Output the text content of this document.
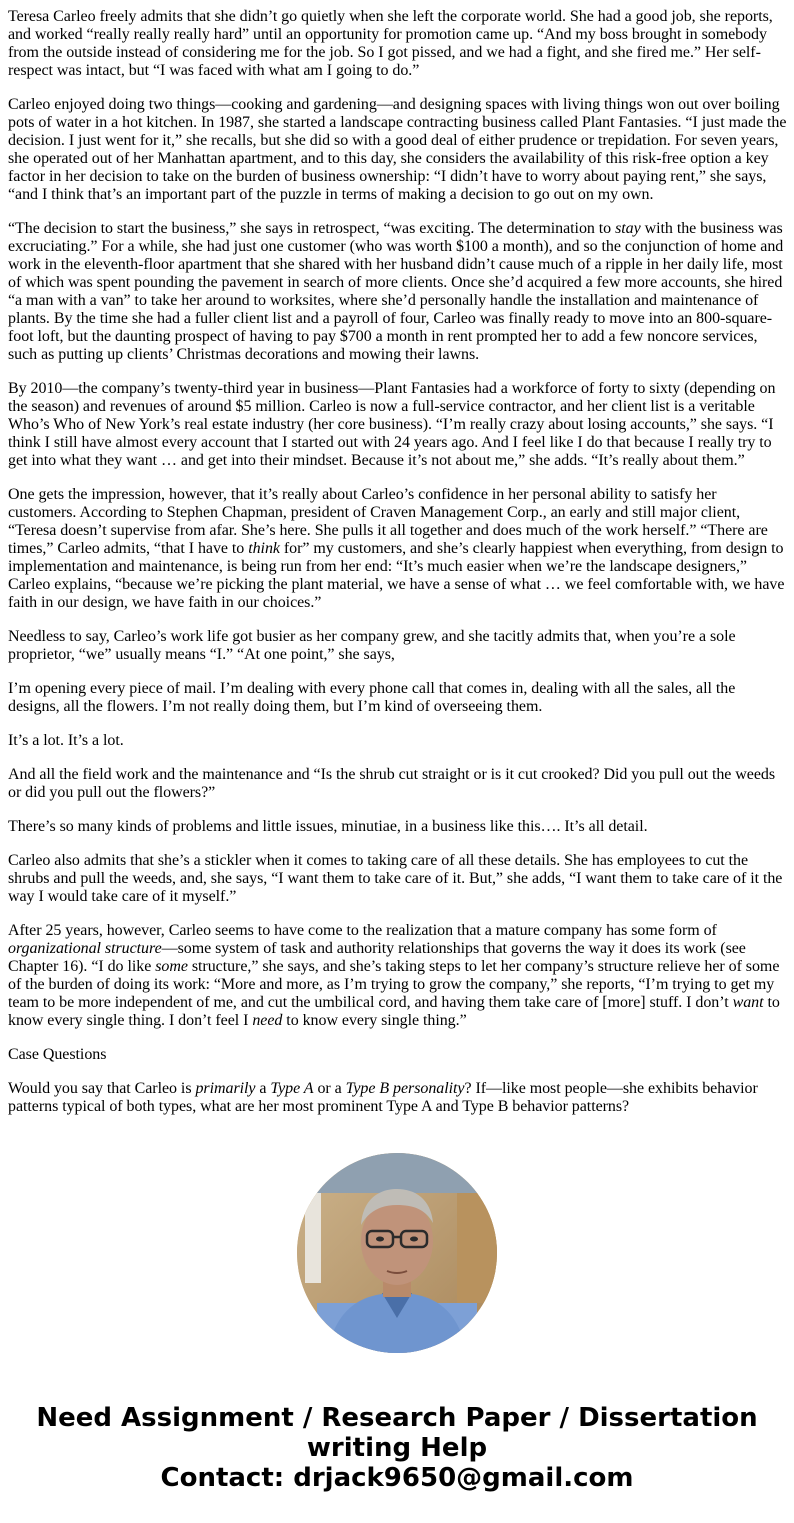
Teresa Carleo freely admits that she didn’t go quietly when she left the corporate world. She had a good job, she reports, and worked “really really really hard” until an opportunity for promotion came up. “And my boss brought in somebody from the outside instead of considering me for the job. So I got pissed, and we had a fight, and she fired me.” Her self-respect was intact, but “I was faced with what am I going to do.”

Carleo enjoyed doing two things—cooking and gardening—and designing spaces with living things won out over boiling pots of water in a hot kitchen. In 1987, she started a landscape contracting business called Plant Fantasies. “I just made the decision. I just went for it,” she recalls, but she did so with a good deal of either prudence or trepidation. For seven years, she operated out of her Manhattan apartment, and to this day, she considers the availability of this risk-free option a key factor in her decision to take on the burden of business ownership: “I didn’t have to worry about paying rent,” she says, “and I think that’s an important part of the puzzle in terms of making a decision to go out on my own.

“The decision to start the business,” she says in retrospect, “was exciting. The determination to stay with the business was excruciating.” For a while, she had just one customer (who was worth $100 a month), and so the conjunction of home and work in the eleventh-floor apartment that she shared with her husband didn’t cause much of a ripple in her daily life, most of which was spent pounding the pavement in search of more clients. Once she’d acquired a few more accounts, she hired “a man with a van” to take her around to worksites, where she’d personally handle the installation and maintenance of plants. By the time she had a fuller client list and a payroll of four, Carleo was finally ready to move into an 800-square-foot loft, but the daunting prospect of having to pay $700 a month in rent prompted her to add a few noncore services, such as putting up clients’ Christmas decorations and mowing their lawns.

By 2010—the company’s twenty-third year in business—Plant Fantasies had a workforce of forty to sixty (depending on the season) and revenues of around $5 million. Carleo is now a full-service contractor, and her client list is a veritable Who’s Who of New York’s real estate industry (her core business). “I’m really crazy about losing accounts,” she says. “I think I still have almost every account that I started out with 24 years ago. And I feel like I do that because I really try to get into what they want … and get into their mindset. Because it’s not about me,” she adds. “It’s really about them.”

One gets the impression, however, that it’s really about Carleo’s confidence in her personal ability to satisfy her customers. According to Stephen Chapman, president of Craven Management Corp., an early and still major client, “Teresa doesn’t supervise from afar. She’s here. She pulls it all together and does much of the work herself.” “There are times,” Carleo admits, “that I have to think for” my customers, and she’s clearly happiest when everything, from design to implementation and maintenance, is being run from her end: “It’s much easier when we’re the landscape designers,” Carleo explains, “because we’re picking the plant material, we have a sense of what … we feel comfortable with, we have faith in our design, we have faith in our choices.”

Needless to say, Carleo’s work life got busier as her company grew, and she tacitly admits that, when you’re a sole proprietor, “we” usually means “I.” “At one point,” she says,

I’m opening every piece of mail. I’m dealing with every phone call that comes in, dealing with all the sales, all the designs, all the flowers. I’m not really doing them, but I’m kind of overseeing them.

It’s a lot. It’s a lot.

And all the field work and the maintenance and “Is the shrub cut straight or is it cut crooked? Did you pull out the weeds or did you pull out the flowers?”

There’s so many kinds of problems and little issues, minutiae, in a business like this…. It’s all detail.

Carleo also admits that she’s a stickler when it comes to taking care of all these details. She has employees to cut the shrubs and pull the weeds, and, she says, “I want them to take care of it. But,” she adds, “I want them to take care of it the way I would take care of it myself.”

After 25 years, however, Carleo seems to have come to the realization that a mature company has some form of organizational structure—some system of task and authority relationships that governs the way it does its work (see Chapter 16). “I do like some structure,” she says, and she’s taking steps to let her company’s structure relieve her of some of the burden of doing its work: “More and more, as I’m trying to grow the company,” she reports, “I’m trying to get my team to be more independent of me, and cut the umbilical cord, and having them take care of [more] stuff. I don’t want to know every single thing. I don’t feel I need to know every single thing.”

Case Questions

Would you say that Carleo is primarily a Type A or a Type B personality? If—like most people—she exhibits behavior patterns typical of both types, what are her most prominent Type A and Type B behavior patterns?

Need Assignment / Research Paper / Dissertation
writing Help
Contact: drjack9650@gmail.com
